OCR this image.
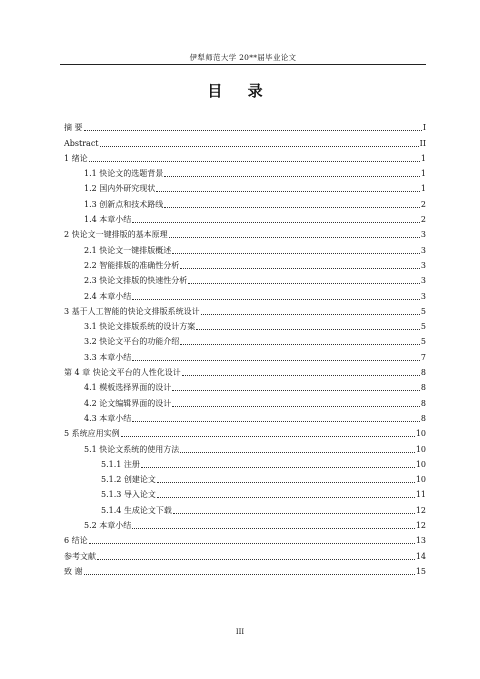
伊犁师范大学 20**届毕业论文
目 录
摘 要	I
Abstract	II
1 绪论	1
1.1 快论文的选题背景	1
1.2 国内外研究现状	1
1.3 创新点和技术路线	2
1.4 本章小结	2
2 快论文一键排版的基本原理	3
2.1 快论文一键排版概述	3
2.2 智能排版的准确性分析	3
2.3 快论文排版的快速性分析	3
2.4 本章小结	3
3 基于人工智能的快论文排版系统设计	5
3.1 快论文排版系统的设计方案	5
3.2 快论文平台的功能介绍	5
3.3 本章小结	7
第 4 章 快论文平台的人性化设计	8
4.1 模板选择界面的设计	8
4.2 论文编辑界面的设计	8
4.3 本章小结	8
5 系统应用实例	10
5.1 快论文系统的使用方法	10
5.1.1 注册	10
5.1.2 创建论文	10
5.1.3 导入论文	11
5.1.4 生成论文下载	12
5.2 本章小结	12
6 结论	13
参考文献	14
致 谢	15
III
